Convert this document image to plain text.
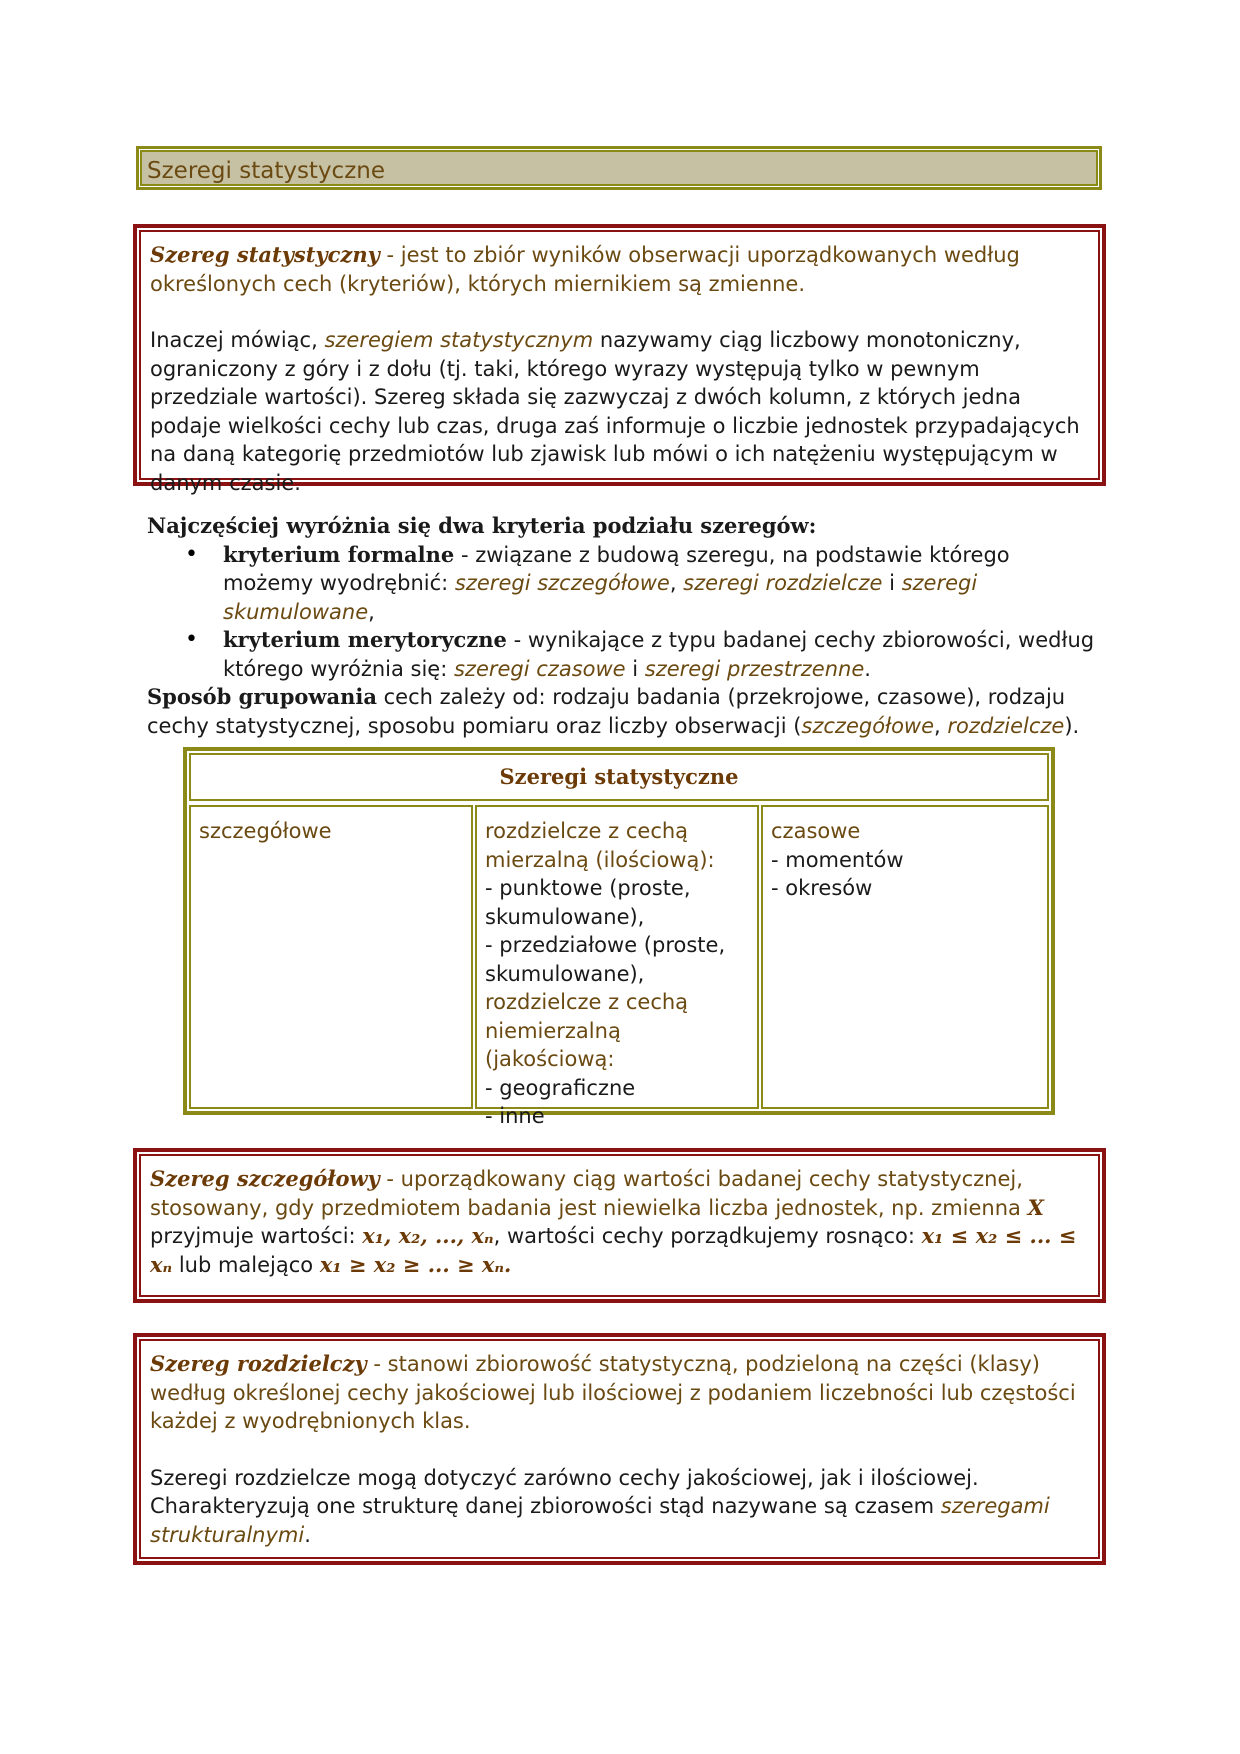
Szeregi statystyczne

Szereg statystyczny - jest to zbiór wyników obserwacji uporządkowanych według określonych cech (kryteriów), których miernikiem są zmienne.

Inaczej mówiąc, szeregiem statystycznym nazywamy ciąg liczbowy monotoniczny, ograniczony z góry i z dołu (tj. taki, którego wyrazy występują tylko w pewnym przedziale wartości). Szereg składa się zazwyczaj z dwóch kolumn, z których jedna podaje wielkości cechy lub czas, druga zaś informuje o liczbie jednostek przypadających na daną kategorię przedmiotów lub zjawisk lub mówi o ich natężeniu występującym w danym czasie.

Najczęściej wyróżnia się dwa kryteria podziału szeregów:
• kryterium formalne - związane z budową szeregu, na podstawie którego możemy wyodrębnić: szeregi szczegółowe, szeregi rozdzielcze i szeregi skumulowane,
• kryterium merytoryczne - wynikające z typu badanej cechy zbiorowości, według którego wyróżnia się: szeregi czasowe i szeregi przestrzenne.
Sposób grupowania cech zależy od: rodzaju badania (przekrojowe, czasowe), rodzaju cechy statystycznej, sposobu pomiaru oraz liczby obserwacji (szczegółowe, rozdzielcze).
Szeregi statystyczne
szczegółowe	rozdzielcze z cechą mierzalną (ilościową):
- punktowe (proste, skumulowane),
- przedziałowe (proste, skumulowane),
rozdzielcze z cechą niemierzalną (jakościową:
- geograficzne
- inne
czasowe
- momentów
- okresów

Szereg szczegółowy - uporządkowany ciąg wartości badanej cechy statystycznej, stosowany, gdy przedmiotem badania jest niewielka liczba jednostek, np. zmienna X przyjmuje wartości: x₁, x₂, ..., xₙ, wartości cechy porządkujemy rosnąco: x₁ ≤ x₂ ≤ ... ≤ xₙ lub malejąco x₁ ≥ x₂ ≥ ... ≥ xₙ.

Szereg rozdzielczy - stanowi zbiorowość statystyczną, podzieloną na części (klasy) według określonej cechy jakościowej lub ilościowej z podaniem liczebności lub częstości każdej z wyodrębnionych klas.

Szeregi rozdzielcze mogą dotyczyć zarówno cechy jakościowej, jak i ilościowej. Charakteryzują one strukturę danej zbiorowości stąd nazywane są czasem szeregami strukturalnymi.
